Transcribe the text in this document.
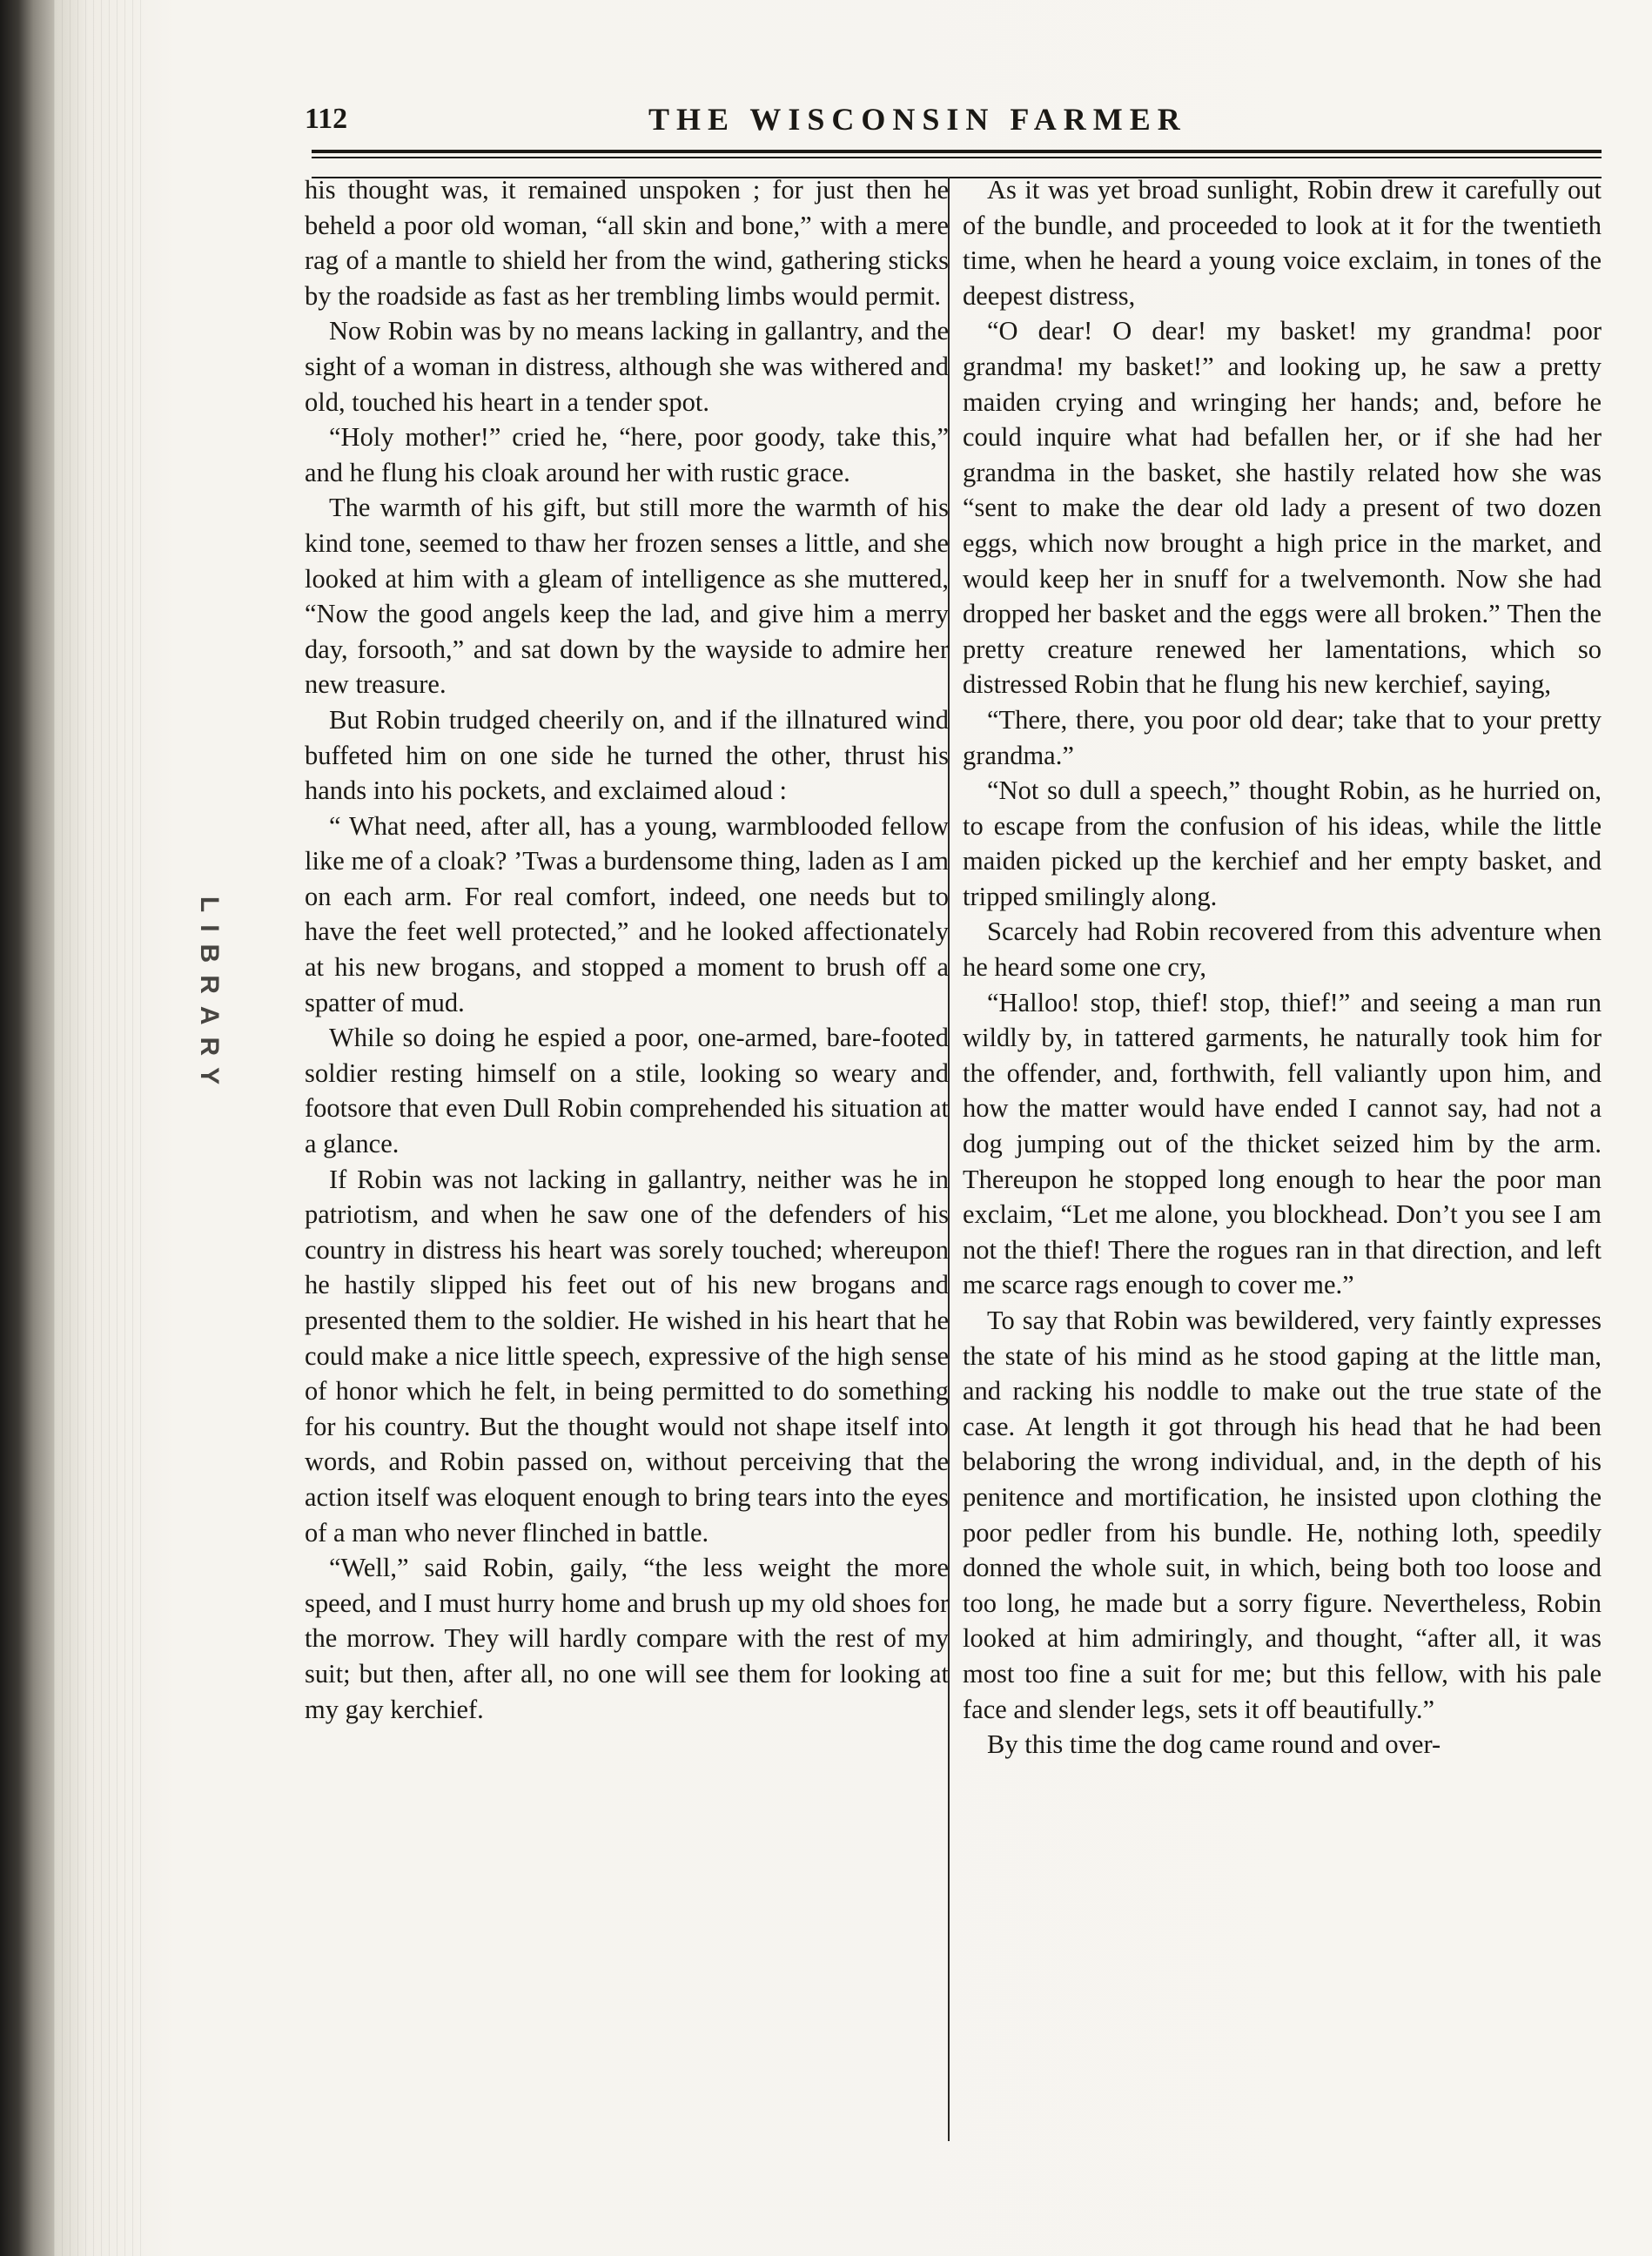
LIBRARY
112	THE WISCONSIN FARMER

his thought was, it remained unspoken ; for just then he beheld a poor old woman, “all skin and bone,” with a mere rag of a mantle to shield her from the wind, gathering sticks by the roadside as fast as her trembling limbs would permit.

Now Robin was by no means lacking in gallantry, and the sight of a woman in distress, although she was withered and old, touched his heart in a tender spot.

“Holy mother!” cried he, “here, poor goody, take this,” and he flung his cloak around her with rustic grace.

The warmth of his gift, but still more the warmth of his kind tone, seemed to thaw her frozen senses a little, and she looked at him with a gleam of intelligence as she muttered, “Now the good angels keep the lad, and give him a merry day, forsooth,” and sat down by the wayside to admire her new treasure.

But Robin trudged cheerily on, and if the illnatured wind buffeted him on one side he turned the other, thrust his hands into his pockets, and exclaimed aloud :

“ What need, after all, has a young, warmblooded fellow like me of a cloak? ’Twas a burdensome thing, laden as I am on each arm. For real comfort, indeed, one needs but to have the feet well protected,” and he looked affectionately at his new brogans, and stopped a moment to brush off a spatter of mud.

While so doing he espied a poor, one-armed, bare-footed soldier resting himself on a stile, looking so weary and footsore that even Dull Robin comprehended his situation at a glance.

If Robin was not lacking in gallantry, neither was he in patriotism, and when he saw one of the defenders of his country in distress his heart was sorely touched; whereupon he hastily slipped his feet out of his new brogans and presented them to the soldier. He wished in his heart that he could make a nice little speech, expressive of the high sense of honor which he felt, in being permitted to do something for his country. But the thought would not shape itself into words, and Robin passed on, without perceiving that the action itself was eloquent enough to bring tears into the eyes of a man who never flinched in battle.

“Well,” said Robin, gaily, “the less weight the more speed, and I must hurry home and brush up my old shoes for the morrow. They will hardly compare with the rest of my suit; but then, after all, no one will see them for looking at my gay kerchief.

As it was yet broad sunlight, Robin drew it carefully out of the bundle, and proceeded to look at it for the twentieth time, when he heard a young voice exclaim, in tones of the deepest distress,

“O dear! O dear! my basket! my grandma! poor grandma! my basket!” and looking up, he saw a pretty maiden crying and wringing her hands; and, before he could inquire what had befallen her, or if she had her grandma in the basket, she hastily related how she was “sent to make the dear old lady a present of two dozen eggs, which now brought a high price in the market, and would keep her in snuff for a twelvemonth. Now she had dropped her basket and the eggs were all broken.” Then the pretty creature renewed her lamentations, which so distressed Robin that he flung his new kerchief, saying,

“There, there, you poor old dear; take that to your pretty grandma.”

“Not so dull a speech,” thought Robin, as he hurried on, to escape from the confusion of his ideas, while the little maiden picked up the kerchief and her empty basket, and tripped smilingly along.

Scarcely had Robin recovered from this adventure when he heard some one cry,

“Halloo! stop, thief! stop, thief!” and seeing a man run wildly by, in tattered garments, he naturally took him for the offender, and, forthwith, fell valiantly upon him, and how the matter would have ended I cannot say, had not a dog jumping out of the thicket seized him by the arm. Thereupon he stopped long enough to hear the poor man exclaim, “Let me alone, you blockhead. Don’t you see I am not the thief! There the rogues ran in that direction, and left me scarce rags enough to cover me.”

To say that Robin was bewildered, very faintly expresses the state of his mind as he stood gaping at the little man, and racking his noddle to make out the true state of the case. At length it got through his head that he had been belaboring the wrong individual, and, in the depth of his penitence and mortification, he insisted upon clothing the poor pedler from his bundle. He, nothing loth, speedily donned the whole suit, in which, being both too loose and too long, he made but a sorry figure. Nevertheless, Robin looked at him admiringly, and thought, “after all, it was most too fine a suit for me; but this fellow, with his pale face and slender legs, sets it off beautifully.”

By this time the dog came round and over-
